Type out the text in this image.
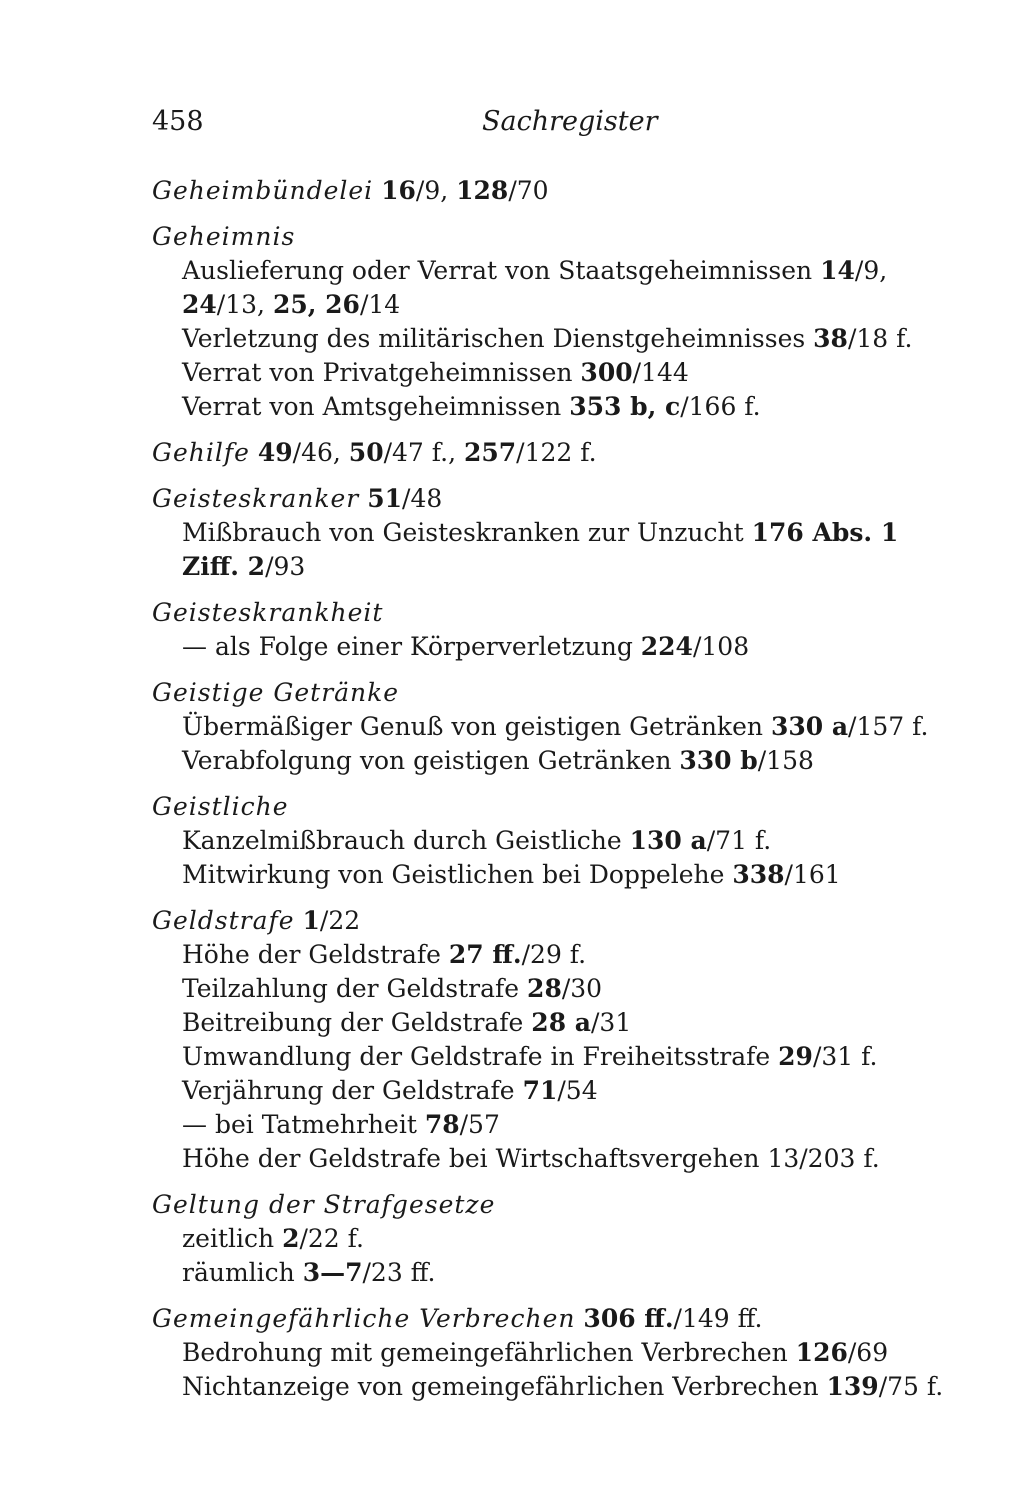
458	Sachregister
Geheimbündelei 16/9, 128/70
Geheimnis
Auslieferung oder Verrat von Staatsgeheimnissen 14/9,
24/13, 25, 26/14
Verletzung des militärischen Dienstgeheimnisses 38/18 f.
Verrat von Privatgeheimnissen 300/144
Verrat von Amtsgeheimnissen 353 b, c/166 f.
Gehilfe 49/46, 50/47 f., 257/122 f.
Geisteskranker 51/48
Mißbrauch von Geisteskranken zur Unzucht 176 Abs. 1
Ziff. 2/93
Geisteskrankheit
— als Folge einer Körperverletzung 224/108
Geistige Getränke
Übermäßiger Genuß von geistigen Getränken 330 a/157 f.
Verabfolgung von geistigen Getränken 330 b/158
Geistliche
Kanzelmißbrauch durch Geistliche 130 a/71 f.
Mitwirkung von Geistlichen bei Doppelehe 338/161
Geldstrafe 1/22
Höhe der Geldstrafe 27 ff./29 f.
Teilzahlung der Geldstrafe 28/30
Beitreibung der Geldstrafe 28 a/31
Umwandlung der Geldstrafe in Freiheitsstrafe 29/31 f.
Verjährung der Geldstrafe 71/54
— bei Tatmehrheit 78/57
Höhe der Geldstrafe bei Wirtschaftsvergehen 13/203 f.
Geltung der Strafgesetze
zeitlich 2/22 f.
räumlich 3—7/23 ff.
Gemeingefährliche Verbrechen 306 ff./149 ff.
Bedrohung mit gemeingefährlichen Verbrechen 126/69
Nichtanzeige von gemeingefährlichen Verbrechen 139/75 f.
